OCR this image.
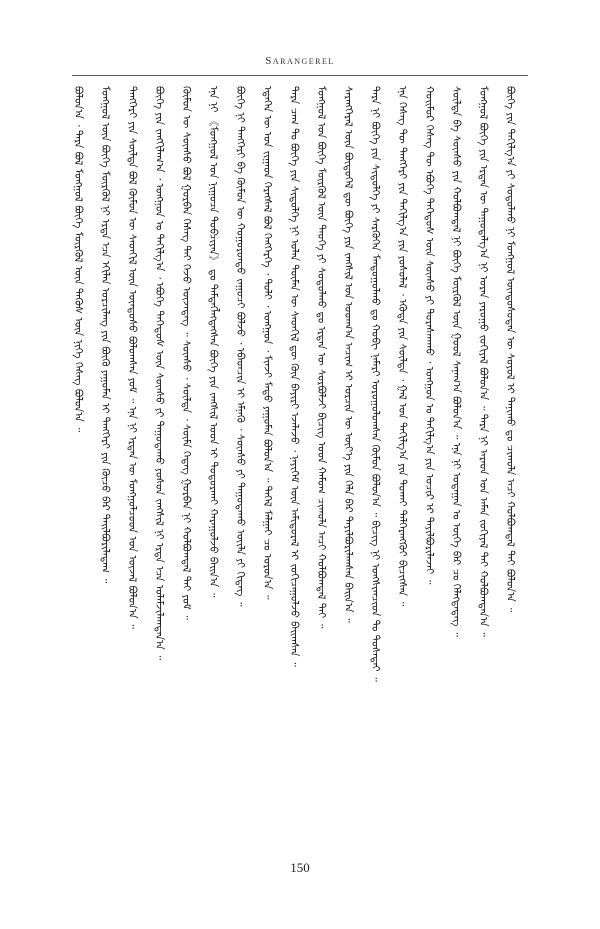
Sarangerel
ᠪᠣᠯᠤᠨ᠎ᠠ ᠂ ᠲᠡᠷᠡ ᠪᠣᠯ ᠮᠣᠩᠭᠣᠯ ᠪᠥᠭᠡ ᠮᠥᠷᠭᠦᠯ ᠦᠨ ᠲᠡᠭᠦᠰ ᠦᠨ ᠨᠢᠭᠡ ᠬᠡᠰᠡᠭ ᠪᠣᠯᠤᠨ᠎ᠠ ᠃ ᠮᠣᠩᠭᠣᠯ ᠦᠨ ᠪᠥᠭᠡ ᠮᠥᠷᠭᠦᠯ ᠨᠢ ᠡᠷᠲᠡ ᠡᠴᠡ ᠡᠬᠢᠯᠡᠨ ᠣᠷᠴᠢᠯᠠᠩ ᠶᠢᠨ ᠪᠦᠬᠦ ᠶᠠᠭᠤᠮᠠᠨ ᠢ ᠲᠡᠩᠭᠡᠷᠢ ᠶᠢᠨ ᠬᠦᠴᠦ ᠪᠠᠷ ᠲᠠᠢᠯᠪᠤᠷᠢᠯᠠᠳᠠᠭ ᠃ ᠲᠡᠩᠭᠡᠷᠢ ᠶᠢᠨ ᠰᠦᠯᠳᠡ ᠪᠣᠯ ᠬᠦᠮᠦᠨ ᠦ ᠰᠡᠳᠬᠢᠯ ᠦᠨ ᠦᠨᠳᠦᠰᠦ ᠪᠣᠯᠤᠭᠰᠠᠨ ᠶᠤᠮ ᠃ ᠡᠨᠡ ᠨᠢ ᠡᠷᠲᠡᠨ ᠦ ᠮᠣᠩᠭᠣᠯᠴᠤᠳ ᠤᠨ ᠦᠵᠡᠯ ᠪᠣᠯᠤᠨ᠎ᠠ ᠃ ᠪᠥᠭᠡ ᠶᠢᠨ ᠵᠠᠩᠭᠢᠯᠠᠭ᠎ᠠ ᠂ ᠣᠩᠭᠣᠨ ᠤ ᠲᠠᠬᠢᠯᠭ᠎ᠠ ᠂ ᠡᠪᠦᠭᠡ ᠳᠡᠭᠡᠳᠦᠰ ᠦᠨ ᠰᠦᠨᠰᠦ ᠶᠢ ᠳᠠᠭᠤᠳᠠᠬᠤ ᠶᠣᠰᠣᠨ ᠵᠠᠩᠰᠢᠯ ᠨᠢ ᠡᠷᠲᠡ ᠡᠴᠡ ᠤᠯᠠᠮᠵᠢᠯᠠᠭᠳᠠᠨ᠎ᠠ ᠃ ᠬᠦᠮᠦᠨ ᠦ ᠰᠦᠨᠰᠦ ᠪᠣᠯ ᠭᠤᠷᠪᠠᠨ ᠬᠡᠰᠡᠭ ᠲᠡᠢ ᠭᠡᠵᠦ ᠦᠵᠡᠳᠡᠭ ᠃ ᠰᠦᠨᠰᠦ ᠂ ᠰᠦᠯᠳᠡ ᠂ ᠰᠦᠮᠡ ᠭᠡᠳᠡᠭ ᠭᠤᠷᠪᠠᠨ ᠨᠢ ᠬᠣᠯᠪᠣᠭᠳᠠᠯ ᠲᠠᠢ ᠶᠤᠮ ᠃ ᠡᠨᠡ ᠨᠢ 《ᠮᠣᠩᠭᠣᠯ ᠤᠨ ᠨᠢᠭᠤᠴᠠ ᠲᠣᠪᠴᠢᠶᠠᠨ》 ᠳᠤ ᠲᠡᠮᠳᠡᠭᠯᠡᠭᠳᠡᠭᠰᠡᠨ ᠪᠥᠭᠡ ᠶᠢᠨ ᠵᠠᠩᠰᠢᠯ ᠤᠳ ᠢ ᠲᠣᠳᠤᠷᠬᠠᠢ ᠬᠠᠷᠠᠭᠤᠯᠵᠤ ᠪᠠᠢᠨ᠎ᠠ ᠃ ᠪᠥᠭᠡ ᠨᠢ ᠲᠡᠩᠭᠡᠷᠢ ᠪᠠ ᠬᠦᠮᠦᠨ ᠦ ᠬᠣᠭᠣᠷᠣᠨᠳᠣ ᠵᠠᠭᠤᠴᠢ ᠪᠣᠯᠵᠤ ᠂ ᠡᠪᠡᠳᠴᠢᠨ ᠢ ᠡᠮᠨᠡᠬᠦ ᠂ ᠰᠦᠨᠰᠦ ᠶᠢ ᠳᠠᠭᠤᠳᠠᠬᠤ ᠦᠢᠯᠡ ᠶᠢ ᠬᠢᠳᠡᠭ ᠃ ᠡᠳᠡᠭᠡᠨ ᠦ ᠡᠳ ᠵᠢᠭᠠᠳ ᠬᠡᠷᠡᠭᠰᠡᠯ ᠪᠣᠯ ᠬᠡᠩᠭᠡᠷᠭᠡ ᠂ ᠲᠣᠯᠢ ᠂ ᠣᠩᠭᠣᠨ ᠂ ᠮᠢᠨᠵᠢ ᠮᠡᠲᠦ ᠶᠠᠭᠤᠮᠠᠨ ᠪᠣᠯᠤᠨ᠎ᠠ ᠃ ᠳᠡᠭᠡᠯ ᠮᠠᠯᠭᠠᠢ ᠴᠤ ᠣᠷᠣᠨ᠎ᠠ ᠃ ᠲᠡᠷᠡ ᠴᠠᠭ ᠲᠤ ᠪᠥᠭᠡ ᠶᠢᠨ ᠰᠢᠲᠦᠯᠭᠡ ᠨᠢ ᠣᠯᠠᠨ ᠲᠦᠮᠡᠨ ᠦ ᠰᠡᠳᠬᠢᠯ ᠳᠦ ᠭᠦᠨ ᠪᠠᠶᠢᠷᠢ ᠡᠵᠡᠯᠡᠵᠦ ᠂ ᠨᠡᠶᠢᠭᠡᠮ ᠦᠨ ᠠᠮᠢᠳᠤᠷᠠᠯ ᠢ ᠵᠣᠬᠢᠴᠠᠭᠤᠯᠵᠤ ᠪᠠᠢᠭᠰᠠᠨ ᠃ ᠮᠣᠩᠭᠣᠯ ᠤᠨ ᠪᠥᠭᠡ ᠮᠥᠷᠭᠦᠯ ᠦᠨ ᠲᠡᠦᠬᠡ ᠶᠢ ᠰᠤᠳᠤᠯᠬᠤ ᠳᠤ ᠡᠷᠲᠡᠨ ᠦ ᠰᠤᠷᠪᠤᠯᠵᠢ ᠪᠢᠴᠢᠭ ᠤᠳ ᠬᠠᠮᠤᠭ ᠴᠢᠬᠤᠯᠠ ᠠᠴᠢ ᠬᠣᠯᠪᠣᠭᠳᠠᠯ ᠲᠠᠢ ᠃ ᠰᠠᠷᠠᠩᠭᠡᠷᠡᠯ ᠦᠨ ᠪᠦᠲᠦᠭᠡᠯ ᠳᠦ ᠪᠥᠭᠡ ᠶᠢᠨ ᠵᠠᠩᠰᠢᠯ ᠤᠨ ᠤᠳᠬ᠎ᠠ ᠠᠴᠢᠭ ᠢ ᠣᠷᠴᠢᠨ ᠦ ᠦᠶ᠎ᠡ ᠶᠢᠨ ᠬᠡᠯᠡ ᠪᠡᠷ ᠲᠠᠶᠢᠯᠪᠤᠷᠢᠯᠠᠭᠰᠠᠨ ᠪᠠᠢᠨ᠎ᠠ ᠃ ᠲᠡᠷᠡ ᠨᠢ ᠪᠥᠭᠡ ᠶᠢᠨ ᠰᠢᠲᠦᠯᠭᠡ ᠶᠢ ᠰᠡᠷᠭᠦᠭᠡᠨ ᠮᠠᠨᠳᠤᠭᠤᠯᠬᠤ ᠳᠤ ᠬᠤᠪᠢ ᠨᠡᠮᠡᠷᠢ ᠣᠷᠤᠭᠤᠯᠤᠭᠰᠠᠨ ᠬᠦᠮᠦᠨ ᠪᠣᠯᠤᠨ᠎ᠠ ᠃ ᠪᠢᠴᠢᠭ ᠨᠢ ᠤᠩᠰᠢᠭᠴᠢᠳ ᠲᠤ ᠲᠤᠰᠠᠲᠠᠢ ᠃ ᠡᠨᠡ ᠬᠡᠰᠡᠭ ᠲᠦ ᠲᠡᠩᠭᠡᠷᠢ ᠶᠢᠨ ᠲᠠᠬᠢᠯᠭ᠎ᠠ ᠶᠢᠨ ᠶᠣᠰᠣᠯᠠᠯ ᠂ ᠡᠭᠦᠳᠡ ᠶᠢᠨ ᠰᠦᠯᠳᠡ ᠂ ᠭᠠᠯ ᠤᠨ ᠲᠠᠬᠢᠯᠭ᠎ᠠ ᠶᠢᠨ ᠲᠤᠬᠠᠢ ᠳᠡᠯᠭᠡᠷᠡᠩᠭᠦᠢ ᠪᠢᠴᠢᠭᠰᠡᠨ ᠃ ᠬᠣᠢᠮᠤᠷ ᠬᠡᠰᠡᠭ ᠲᠦ ᠡᠪᠦᠭᠡ ᠳᠡᠭᠡᠳᠦᠰ ᠦᠨ ᠰᠦᠨᠰᠦ ᠶᠢ ᠳᠤᠷᠠᠰᠬᠠᠬᠤ ᠂ ᠣᠩᠭᠣᠨ ᠤ ᠲᠠᠬᠢᠯᠭ᠎ᠠ ᠶᠢᠨ ᠤᠴᠢᠷ ᠢ ᠲᠠᠶᠢᠯᠪᠤᠷᠢᠯᠠᠵᠠᠢ ᠃ ᠰᠦᠯᠳᠡ ᠪᠠ ᠰᠦᠨᠰᠦ ᠶᠢᠨ ᠬᠣᠯᠪᠣᠭᠳᠠᠯ ᠨᠢ ᠪᠥᠭᠡ ᠮᠥᠷᠭᠦᠯ ᠦᠨ ᠭᠣᠣᠯ ᠰᠠᠨᠠᠭ᠎ᠠ ᠪᠣᠯᠤᠨ᠎ᠠ ᠃ ᠡᠨᠡ ᠨᠢ ᠤᠳᠠᠭᠠᠨ ᠤ ᠦᠭᠡ ᠪᠡᠷ ᠴᠤ ᠬᠡᠯᠡᠭᠳᠡᠳᠡᠭ ᠃ ᠮᠣᠩᠭᠣᠯ ᠪᠥᠭᠡ ᠶᠢᠨ ᠡᠷᠲᠡᠨ ᠦ ᠳᠠᠭᠤᠳᠠᠯᠭ᠎ᠠ ᠨᠢ ᠤᠷᠠᠨ ᠶᠠᠷᠤᠭᠤ ᠵᠣᠬᠢᠶᠠᠯ ᠪᠣᠯᠤᠨ᠎ᠠ ᠃ ᠲᠡᠷᠡ ᠨᠢ ᠠᠷᠠᠳ ᠤᠨ ᠠᠮᠠᠨ ᠵᠣᠬᠢᠶᠠᠯ ᠲᠠᠢ ᠬᠣᠯᠪᠣᠭᠳᠠᠨ᠎ᠠ ᠃ ᠪᠥᠭᠡ ᠶᠢᠨ ᠲᠠᠬᠢᠯᠭ᠎ᠠ ᠶᠢ ᠰᠤᠳᠤᠯᠬᠤ ᠨᠢ ᠮᠣᠩᠭᠣᠯ ᠦᠨᠳᠦᠰᠦᠲᠡᠨ ᠦ ᠰᠣᠶᠣᠯ ᠢ ᠲᠠᠨᠢᠬᠤ ᠳᠤ ᠴᠢᠬᠤᠯᠠ ᠠᠴᠢ ᠬᠣᠯᠪᠣᠭᠳᠠᠯ ᠲᠠᠢ ᠪᠣᠯᠤᠨ᠎ᠠ ᠃
150
